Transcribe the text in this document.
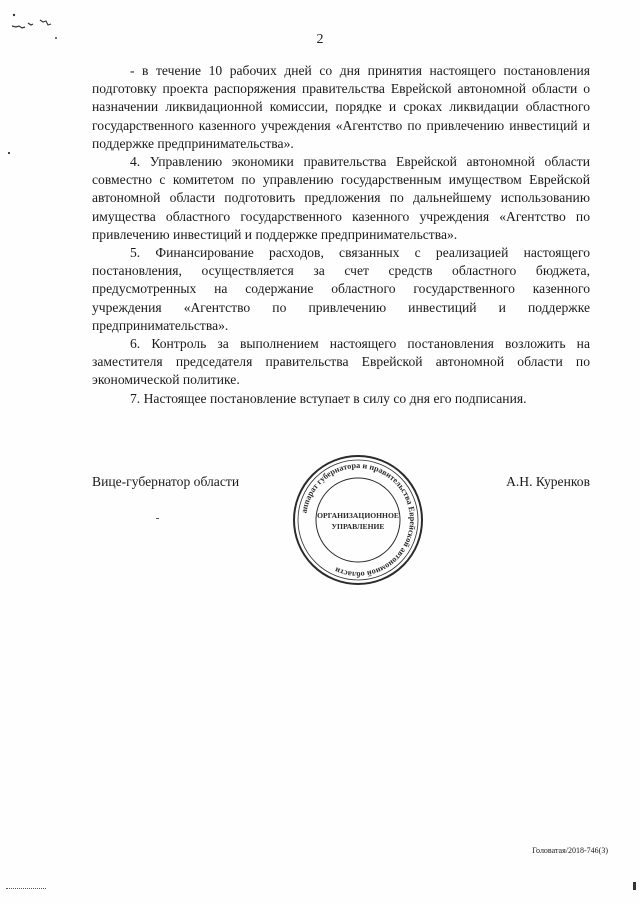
2

- в течение 10 рабочих дней со дня принятия настоящего постановления подготовку проекта распоряжения правительства Еврейской автономной области о назначении ликвидационной комиссии, порядке и сроках ликвидации областного государственного казенного учреждения «Агентство по привлечению инвестиций и поддержке предпринимательства».

4. Управлению экономики правительства Еврейской автономной области совместно с комитетом по управлению государственным имуществом Еврейской автономной области подготовить предложения по дальнейшему использованию имущества областного государственного казенного учреждения «Агентство по привлечению инвестиций и поддержке предпринимательства».

5. Финансирование расходов, связанных с реализацией настоящего постановления, осуществляется за счет средств областного бюджета, предусмотренных на содержание областного государственного казенного учреждения «Агентство по привлечению инвестиций и поддержке предпринимательства».

6. Контроль за выполнением настоящего постановления возложить на заместителя председателя правительства Еврейской автономной области по экономической политике.

7. Настоящее постановление вступает в силу со дня его подписания.

Вице-губернатор области	А.Н. Куренков
аппарат губернатора и правительства Еврейской автономной области
ОРГАНИЗАЦИОННОЕ
УПРАВЛЕНИЕ
Головатая/2018-746(3)
